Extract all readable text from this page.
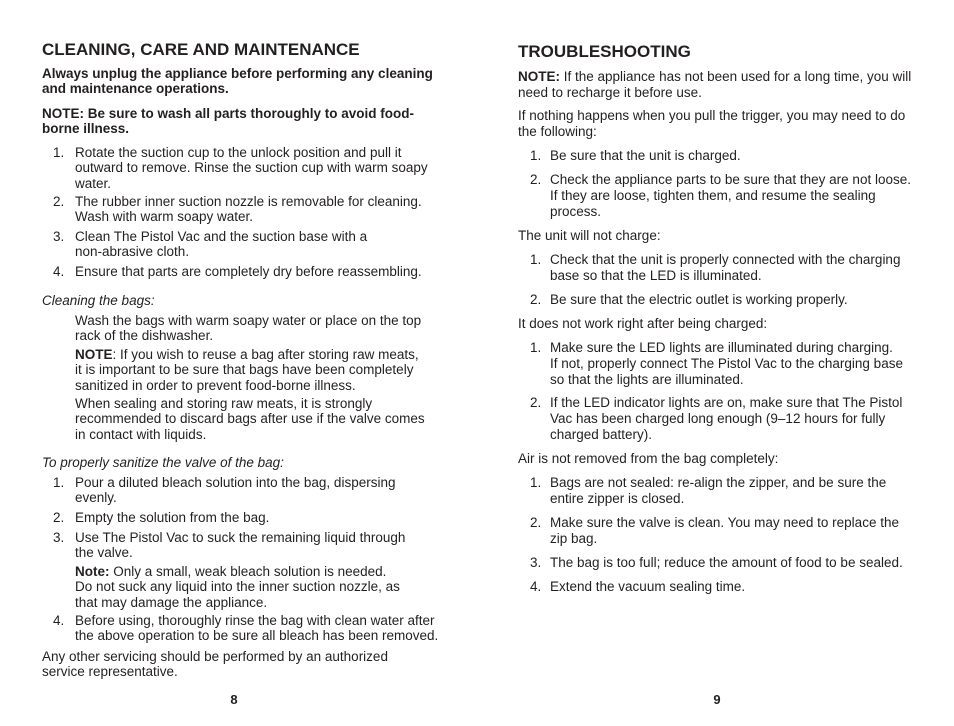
CLEANING, CARE AND MAINTENANCE
Always unplug the appliance before performing any cleaning
and maintenance operations.
NOTE: Be sure to wash all parts thoroughly to avoid food-
borne illness.
1. Rotate the suction cup to the unlock position and pull it
outward to remove. Rinse the suction cup with warm soapy
water.
2. The rubber inner suction nozzle is removable for cleaning.
Wash with warm soapy water.
3. Clean The Pistol Vac and the suction base with a
non-abrasive cloth.
4. Ensure that parts are completely dry before reassembling.
Cleaning the bags:
Wash the bags with warm soapy water or place on the top
rack of the dishwasher.
NOTE: If you wish to reuse a bag after storing raw meats,
it is important to be sure that bags have been completely
sanitized in order to prevent food-borne illness.
When sealing and storing raw meats, it is strongly
recommended to discard bags after use if the valve comes
in contact with liquids.
To properly sanitize the valve of the bag:
1. Pour a diluted bleach solution into the bag, dispersing
evenly.
2. Empty the solution from the bag.
3. Use The Pistol Vac to suck the remaining liquid through
the valve.
Note: Only a small, weak bleach solution is needed.
Do not suck any liquid into the inner suction nozzle, as
that may damage the appliance.
4. Before using, thoroughly rinse the bag with clean water after
the above operation to be sure all bleach has been removed.
Any other servicing should be performed by an authorized
service representative.
8
TROUBLESHOOTING
NOTE: If the appliance has not been used for a long time, you will
need to recharge it before use.
If nothing happens when you pull the trigger, you may need to do
the following:
1. Be sure that the unit is charged.
2. Check the appliance parts to be sure that they are not loose.
If they are loose, tighten them, and resume the sealing
process.
The unit will not charge:
1. Check that the unit is properly connected with the charging
base so that the LED is illuminated.
2. Be sure that the electric outlet is working properly.
It does not work right after being charged:
1. Make sure the LED lights are illuminated during charging.
If not, properly connect The Pistol Vac to the charging base
so that the lights are illuminated.
2. If the LED indicator lights are on, make sure that The Pistol
Vac has been charged long enough (9–12 hours for fully
charged battery).
Air is not removed from the bag completely:
1. Bags are not sealed: re-align the zipper, and be sure the
entire zipper is closed.
2. Make sure the valve is clean. You may need to replace the
zip bag.
3. The bag is too full; reduce the amount of food to be sealed.
4. Extend the vacuum sealing time.
9
